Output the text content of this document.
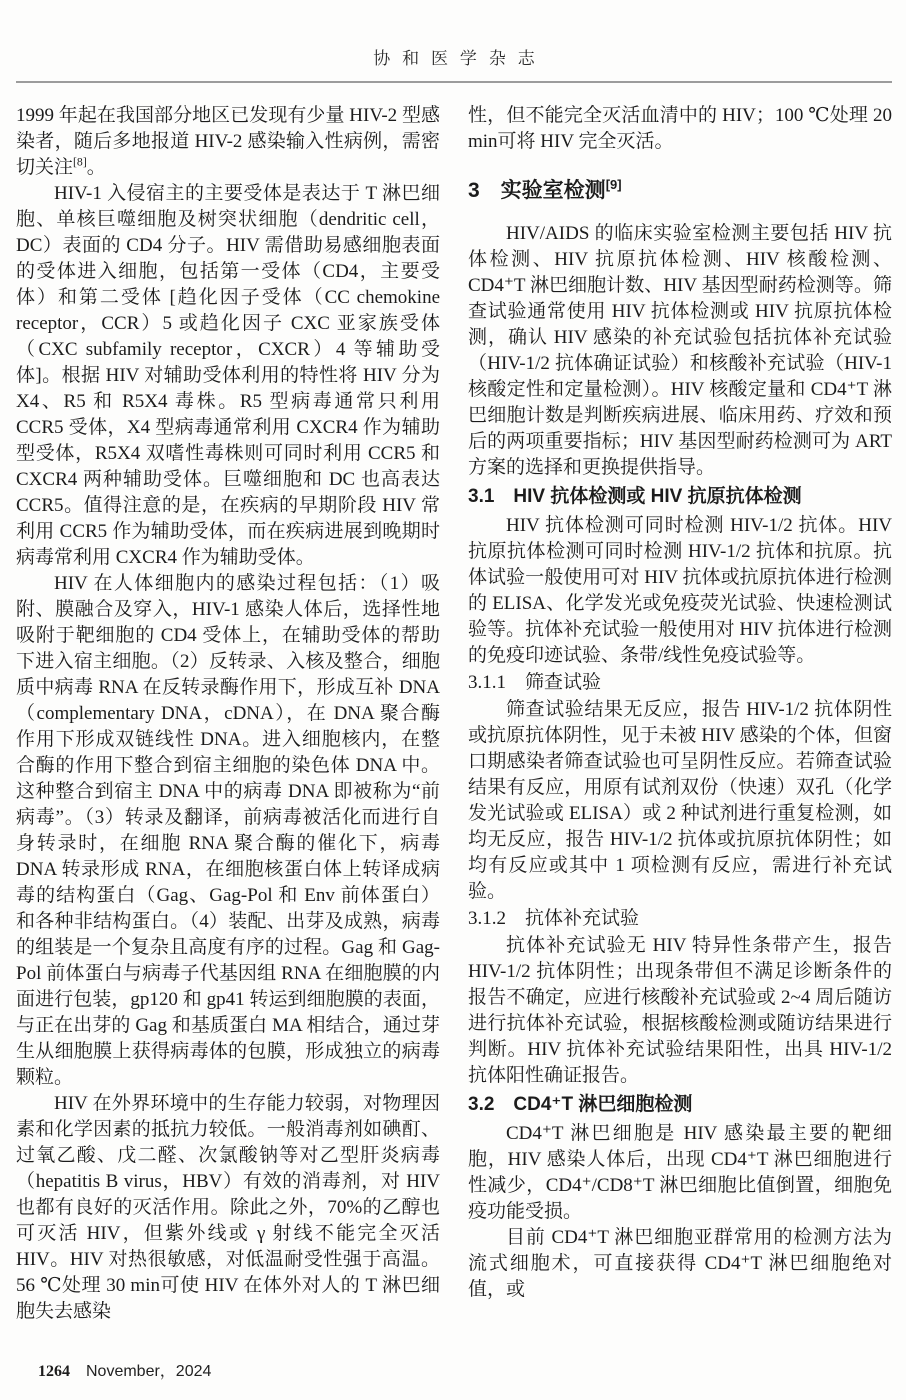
协和医学杂志

1999 年起在我国部分地区已发现有少量 HIV-2 型感染者，随后多地报道 HIV-2 感染输入性病例，需密切关注[8]。

HIV-1 入侵宿主的主要受体是表达于 T 淋巴细胞、单核巨噬细胞及树突状细胞（dendritic cell，DC）表面的 CD4 分子。HIV 需借助易感细胞表面的受体进入细胞，包括第一受体（CD4，主要受体）和第二受体 [趋化因子受体（CC chemokine receptor，CCR）5 或趋化因子 CXC 亚家族受体（CXC subfamily receptor，CXCR）4 等辅助受体]。根据 HIV 对辅助受体利用的特性将 HIV 分为 X4、R5 和 R5X4 毒株。R5 型病毒通常只利用 CCR5 受体，X4 型病毒通常利用 CXCR4 作为辅助型受体，R5X4 双嗜性毒株则可同时利用 CCR5 和 CXCR4 两种辅助受体。巨噬细胞和 DC 也高表达 CCR5。值得注意的是，在疾病的早期阶段 HIV 常利用 CCR5 作为辅助受体，而在疾病进展到晚期时病毒常利用 CXCR4 作为辅助受体。

HIV 在人体细胞内的感染过程包括：（1）吸附、膜融合及穿入，HIV-1 感染人体后，选择性地吸附于靶细胞的 CD4 受体上，在辅助受体的帮助下进入宿主细胞。（2）反转录、入核及整合，细胞质中病毒 RNA 在反转录酶作用下，形成互补 DNA（complementary DNA，cDNA），在 DNA 聚合酶作用下形成双链线性 DNA。进入细胞核内，在整合酶的作用下整合到宿主细胞的染色体 DNA 中。这种整合到宿主 DNA 中的病毒 DNA 即被称为“前病毒”。（3）转录及翻译，前病毒被活化而进行自身转录时，在细胞 RNA 聚合酶的催化下，病毒 DNA 转录形成 RNA，在细胞核蛋白体上转译成病毒的结构蛋白（Gag、Gag-Pol 和 Env 前体蛋白）和各种非结构蛋白。（4）装配、出芽及成熟，病毒的组装是一个复杂且高度有序的过程。Gag 和 Gag-Pol 前体蛋白与病毒子代基因组 RNA 在细胞膜的内面进行包装，gp120 和 gp41 转运到细胞膜的表面，与正在出芽的 Gag 和基质蛋白 MA 相结合，通过芽生从细胞膜上获得病毒体的包膜，形成独立的病毒颗粒。

HIV 在外界环境中的生存能力较弱，对物理因素和化学因素的抵抗力较低。一般消毒剂如碘酊、过氧乙酸、戊二醛、次氯酸钠等对乙型肝炎病毒（hepatitis B virus，HBV）有效的消毒剂，对 HIV 也都有良好的灭活作用。除此之外，70%的乙醇也可灭活 HIV，但紫外线或 γ 射线不能完全灭活 HIV。HIV 对热很敏感，对低温耐受性强于高温。56 ℃处理 30 min可使 HIV 在体外对人的 T 淋巴细胞失去感染

性，但不能完全灭活血清中的 HIV；100 ℃处理 20 min可将 HIV 完全灭活。

3　实验室检测[9]

HIV/AIDS 的临床实验室检测主要包括 HIV 抗体检测、HIV 抗原抗体检测、HIV 核酸检测、CD4⁺T 淋巴细胞计数、HIV 基因型耐药检测等。筛查试验通常使用 HIV 抗体检测或 HIV 抗原抗体检测，确认 HIV 感染的补充试验包括抗体补充试验（HIV-1/2 抗体确证试验）和核酸补充试验（HIV-1 核酸定性和定量检测）。HIV 核酸定量和 CD4⁺T 淋巴细胞计数是判断疾病进展、临床用药、疗效和预后的两项重要指标；HIV 基因型耐药检测可为 ART 方案的选择和更换提供指导。

3.1　HIV 抗体检测或 HIV 抗原抗体检测

HIV 抗体检测可同时检测 HIV-1/2 抗体。HIV 抗原抗体检测可同时检测 HIV-1/2 抗体和抗原。抗体试验一般使用可对 HIV 抗体或抗原抗体进行检测的 ELISA、化学发光或免疫荧光试验、快速检测试验等。抗体补充试验一般使用对 HIV 抗体进行检测的免疫印迹试验、条带/线性免疫试验等。

3.1.1　筛查试验

筛查试验结果无反应，报告 HIV-1/2 抗体阴性或抗原抗体阴性，见于未被 HIV 感染的个体，但窗口期感染者筛查试验也可呈阴性反应。若筛查试验结果有反应，用原有试剂双份（快速）双孔（化学发光试验或 ELISA）或 2 种试剂进行重复检测，如均无反应，报告 HIV-1/2 抗体或抗原抗体阴性；如均有反应或其中 1 项检测有反应，需进行补充试验。

3.1.2　抗体补充试验

抗体补充试验无 HIV 特异性条带产生，报告 HIV-1/2 抗体阴性；出现条带但不满足诊断条件的报告不确定，应进行核酸补充试验或 2~4 周后随访进行抗体补充试验，根据核酸检测或随访结果进行判断。HIV 抗体补充试验结果阳性，出具 HIV-1/2 抗体阳性确证报告。

3.2　CD4⁺T 淋巴细胞检测

CD4⁺T 淋巴细胞是 HIV 感染最主要的靶细胞，HIV 感染人体后，出现 CD4⁺T 淋巴细胞进行性减少，CD4⁺/CD8⁺T 淋巴细胞比值倒置，细胞免疫功能受损。

目前 CD4⁺T 淋巴细胞亚群常用的检测方法为流式细胞术，可直接获得 CD4⁺T 淋巴细胞绝对值，或

1264 November，2024
